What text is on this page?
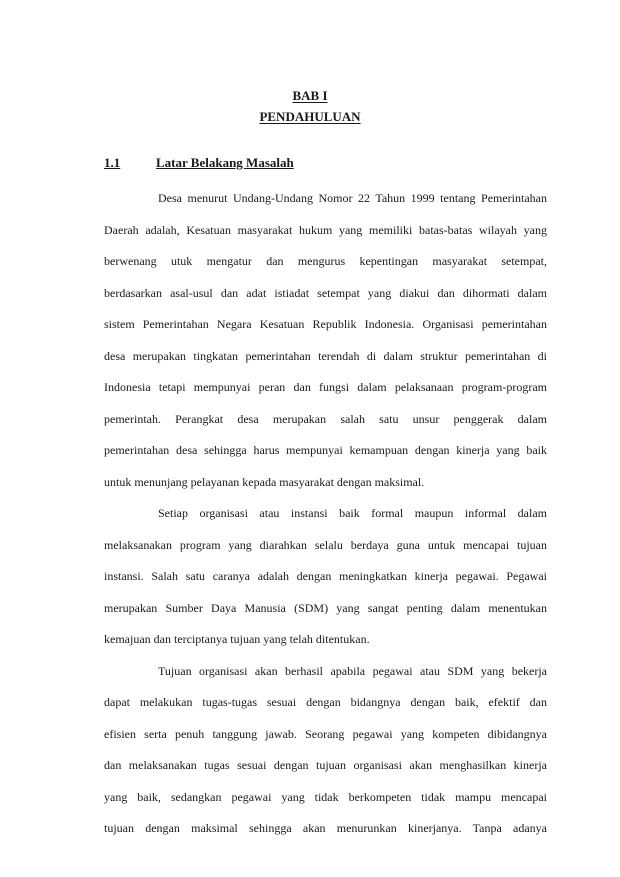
BAB I
PENDAHULUAN
1.1	Latar Belakang Masalah
Desa menurut Undang-Undang Nomor 22 Tahun 1999 tentang Pemerintahan
Daerah adalah, Kesatuan masyarakat hukum yang memiliki batas-batas wilayah yang
berwenang utuk mengatur dan mengurus kepentingan masyarakat setempat,
berdasarkan asal-usul dan adat istiadat setempat yang diakui dan dihormati dalam
sistem Pemerintahan Negara Kesatuan Republik Indonesia. Organisasi pemerintahan
desa merupakan tingkatan pemerintahan terendah di dalam struktur pemerintahan di
Indonesia tetapi mempunyai peran dan fungsi dalam pelaksanaan program-program
pemerintah. Perangkat desa merupakan salah satu unsur penggerak dalam
pemerintahan desa sehingga harus mempunyai kemampuan dengan kinerja yang baik
untuk menunjang pelayanan kepada masyarakat dengan maksimal.
Setiap organisasi atau instansi baik formal maupun informal dalam
melaksanakan program yang diarahkan selalu berdaya guna untuk mencapai tujuan
instansi. Salah satu caranya adalah dengan meningkatkan kinerja pegawai. Pegawai
merupakan Sumber Daya Manusia (SDM) yang sangat penting dalam menentukan
kemajuan dan terciptanya tujuan yang telah ditentukan.
Tujuan organisasi akan berhasil apabila pegawai atau SDM yang bekerja
dapat melakukan tugas-tugas sesuai dengan bidangnya dengan baik, efektif dan
efisien serta penuh tanggung jawab. Seorang pegawai yang kompeten dibidangnya
dan melaksanakan tugas sesuai dengan tujuan organisasi akan menghasilkan kinerja
yang baik, sedangkan pegawai yang tidak berkompeten tidak mampu mencapai
tujuan dengan maksimal sehingga akan menurunkan kinerjanya. Tanpa adanya
